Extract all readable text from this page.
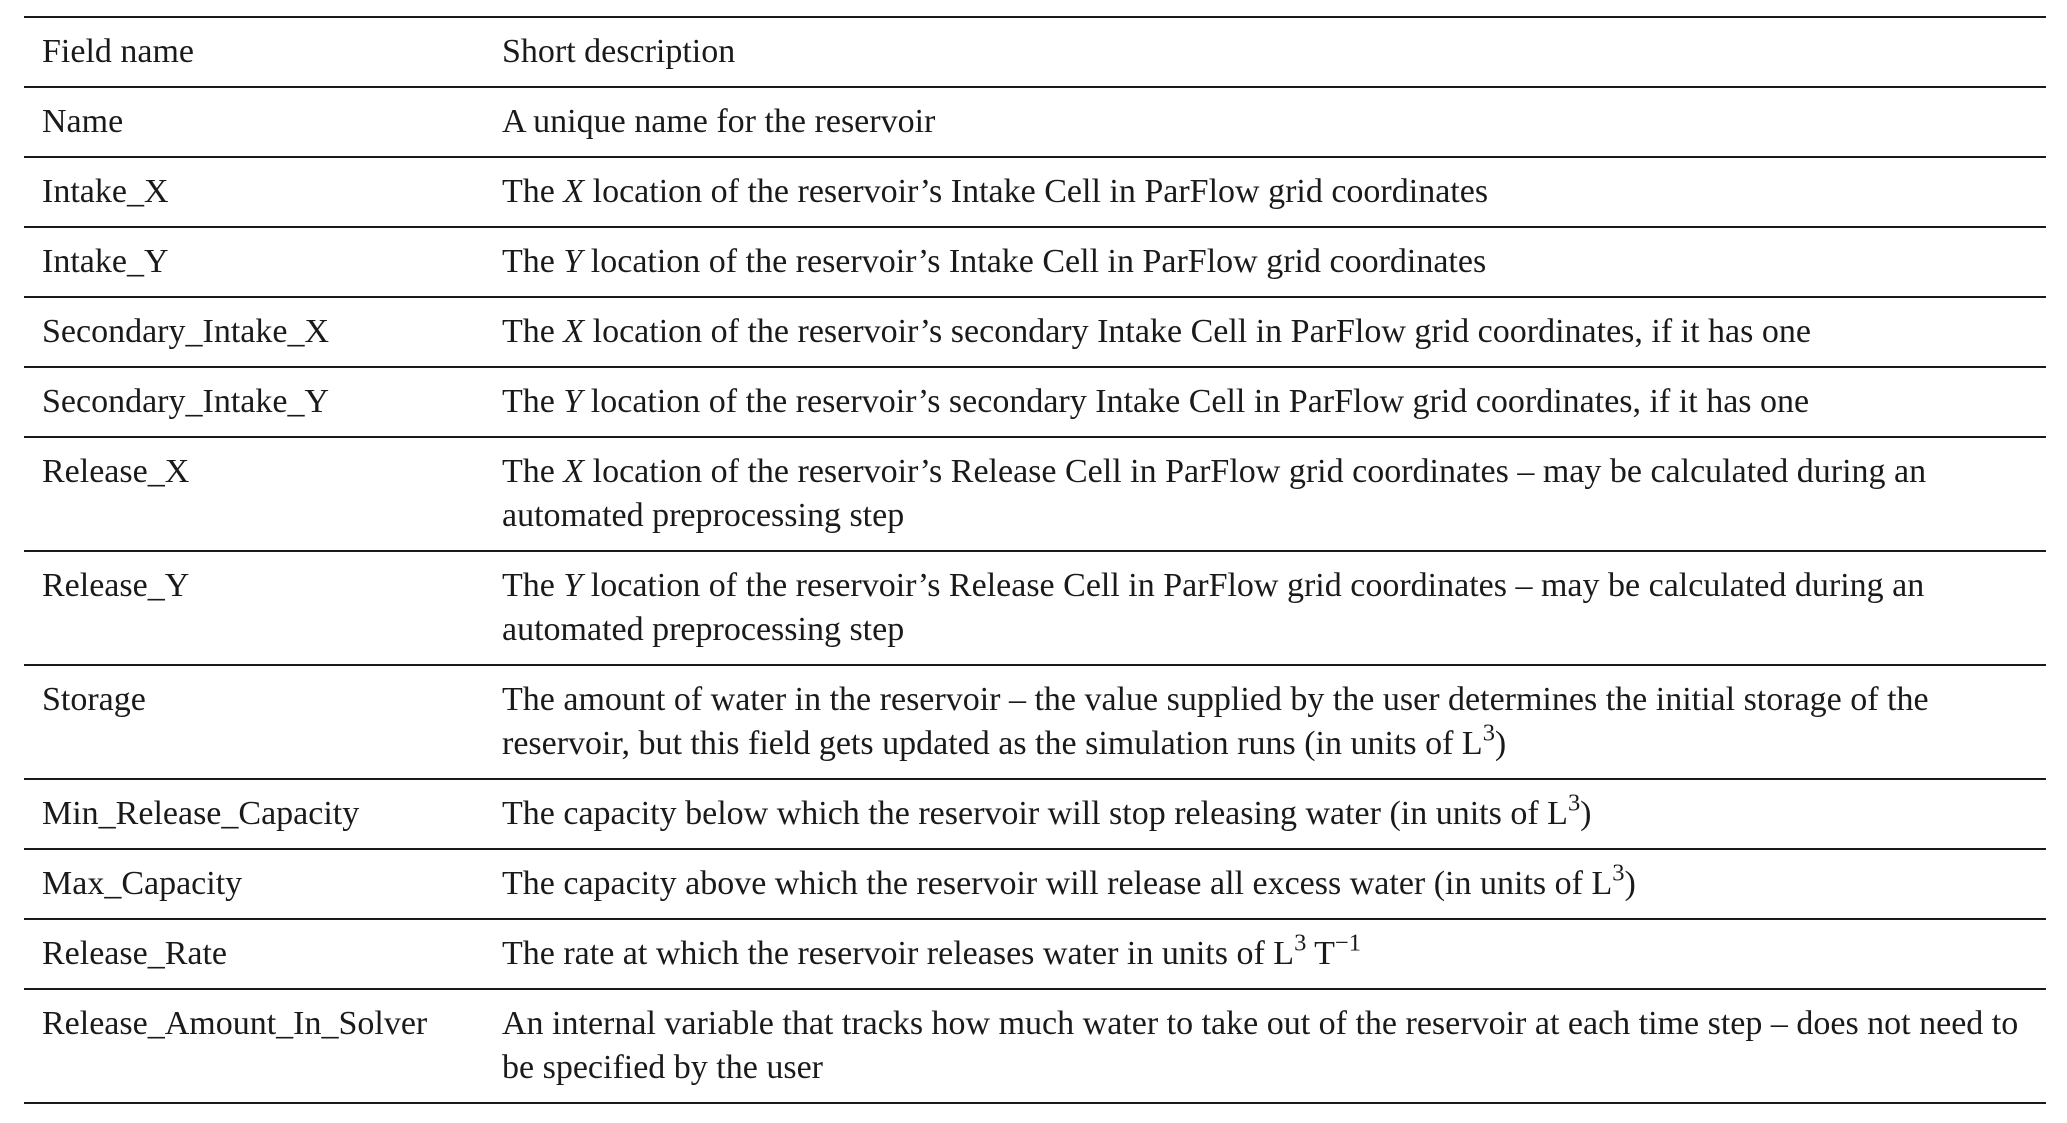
Field name	Short description
Name	A unique name for the reservoir
Intake_X	The X location of the reservoir’s Intake Cell in ParFlow grid coordinates
Intake_Y	The Y location of the reservoir’s Intake Cell in ParFlow grid coordinates
Secondary_Intake_X	The X location of the reservoir’s secondary Intake Cell in ParFlow grid coordinates, if it has one
Secondary_Intake_Y	The Y location of the reservoir’s secondary Intake Cell in ParFlow grid coordinates, if it has one
Release_X	The X location of the reservoir’s Release Cell in ParFlow grid coordinates – may be calculated during an automated preprocessing step
Release_Y	The Y location of the reservoir’s Release Cell in ParFlow grid coordinates – may be calculated during an automated preprocessing step
Storage	The amount of water in the reservoir – the value supplied by the user determines the initial storage of the reservoir, but this field gets updated as the simulation runs (in units of $L^3$)
Min_Release_Capacity	The capacity below which the reservoir will stop releasing water (in units of $L^3$)
Max_Capacity	The capacity above which the reservoir will release all excess water (in units of $L^3$)
Release_Rate	The rate at which the reservoir releases water in units of $L^3$ $T^{-1}$
Release_Amount_In_Solver	An internal variable that tracks how much water to take out of the reservoir at each time step – does not need to be specified by the user
